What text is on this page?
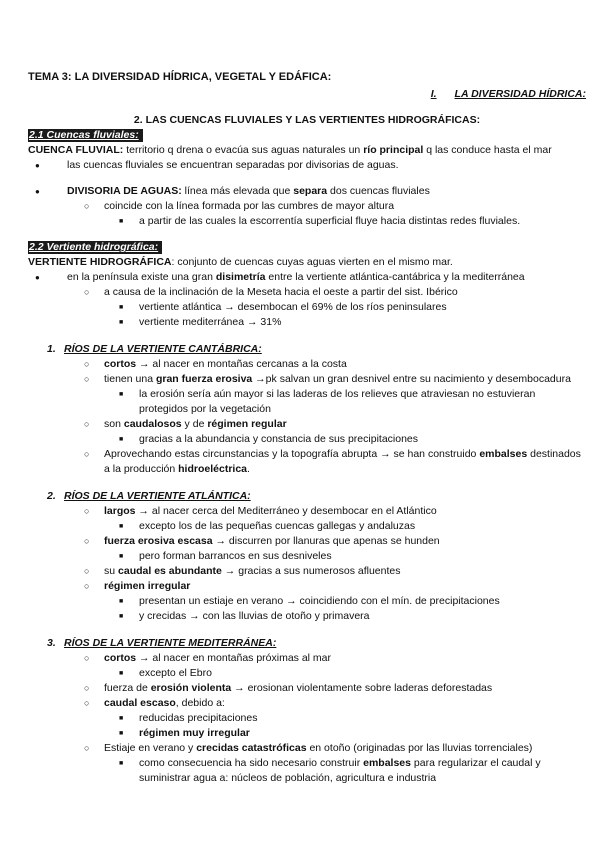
TEMA 3: LA DIVERSIDAD HÍDRICA, VEGETAL Y EDÁFICA:

I. LA DIVERSIDAD HÍDRICA:

2. LAS CUENCAS FLUVIALES Y LAS VERTIENTES HIDROGRÁFICAS:

2.1 Cuencas fluviales:

CUENCA FLUVIAL: territorio q drena o evacúa sus aguas naturales un río principal q las conduce hasta el mar

● las cuencas fluviales se encuentran separadas por divisorias de aguas.
● DIVISORIA DE AGUAS: línea más elevada que separa dos cuencas fluviales
○ coincide con la línea formada por las cumbres de mayor altura
■ a partir de las cuales la escorrentía superficial fluye hacia distintas redes fluviales.
2.2 Vertiente hidrográfica:

VERTIENTE HIDROGRÁFICA: conjunto de cuencas cuyas aguas vierten en el mismo mar.

● en la península existe una gran disimetría entre la vertiente atlántica-cantábrica y la mediterránea
○ a causa de la inclinación de la Meseta hacia el oeste a partir del sist. Ibérico
■ vertiente atlántica → desembocan el 69% de los ríos peninsulares
■ vertiente mediterránea → 31%

1. RÍOS DE LA VERTIENTE CANTÁBRICA:

○ cortos → al nacer en montañas cercanas a la costa
○ tienen una gran fuerza erosiva →pk salvan un gran desnivel entre su nacimiento y desembocadura
■ la erosión sería aún mayor si las laderas de los relieves que atraviesan no estuvieran protegidos por la vegetación
○ son caudalosos y de régimen regular
■ gracias a la abundancia y constancia de sus precipitaciones
○ Aprovechando estas circunstancias y la topografía abrupta → se han construido embalses destinados a la producción hidroeléctrica.

2. RÍOS DE LA VERTIENTE ATLÁNTICA:

○ largos → al nacer cerca del Mediterráneo y desembocar en el Atlántico
■ excepto los de las pequeñas cuencas gallegas y andaluzas
○ fuerza erosiva escasa → discurren por llanuras que apenas se hunden
■ pero forman barrancos en sus desniveles
○ su caudal es abundante → gracias a sus numerosos afluentes
○ régimen irregular
■ presentan un estiaje en verano → coincidiendo con el mín. de precipitaciones
■ y crecidas → con las lluvias de otoño y primavera

3. RÍOS DE LA VERTIENTE MEDITERRÁNEA:

○ cortos → al nacer en montañas próximas al mar
■ excepto el Ebro
○ fuerza de erosión violenta → erosionan violentamente sobre laderas deforestadas
○ caudal escaso, debido a:
■ reducidas precipitaciones
■ régimen muy irregular
○ Estiaje en verano y crecidas catastróficas en otoño (originadas por las lluvias torrenciales)
■ como consecuencia ha sido necesario construir embalses para regularizar el caudal y suministrar agua a: núcleos de población, agricultura e industria
